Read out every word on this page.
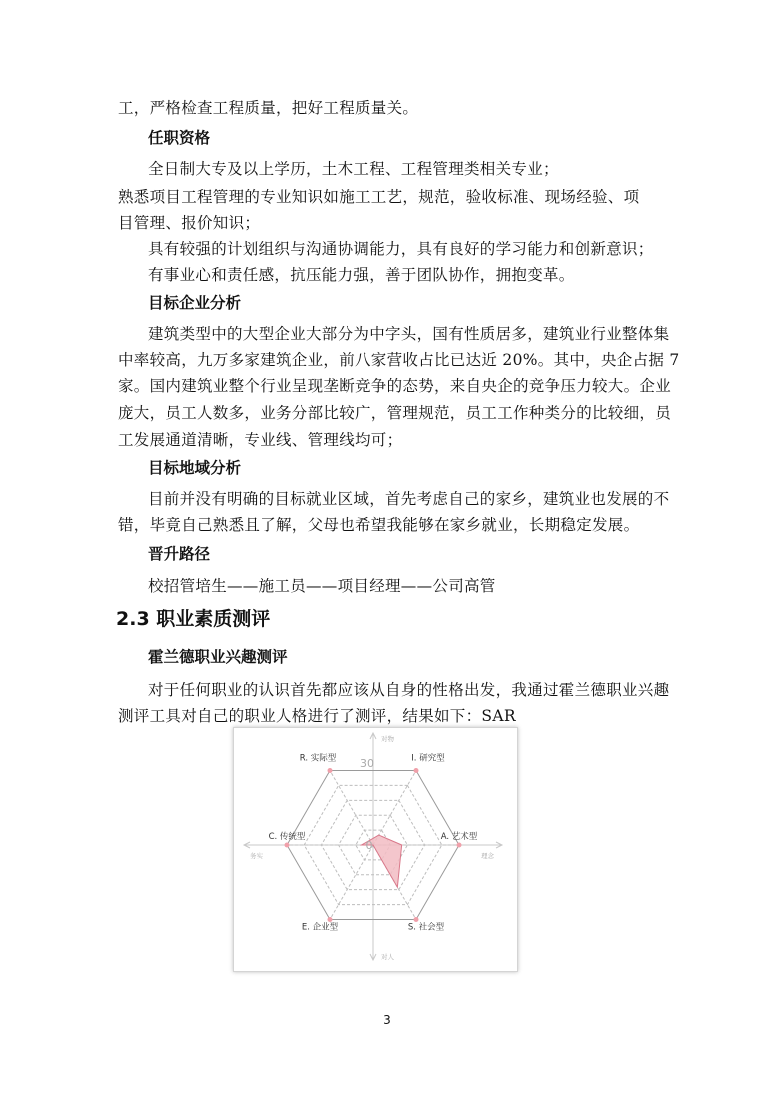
工，严格检查工程质量，把好工程质量关。
任职资格
全日制大专及以上学历，土木工程、工程管理类相关专业；
熟悉项目工程管理的专业知识如施工工艺，规范，验收标准、现场经验、项
目管理、报价知识；
具有较强的计划组织与沟通协调能力，具有良好的学习能力和创新意识；
有事业心和责任感，抗压能力强，善于团队协作，拥抱变革。
目标企业分析
建筑类型中的大型企业大部分为中字头，国有性质居多，建筑业行业整体集
中率较高，九万多家建筑企业，前八家营收占比已达近 20%。其中，央企占据 7
家。国内建筑业整个行业呈现垄断竞争的态势，来自央企的竞争压力较大。企业
庞大，员工人数多，业务分部比较广，管理规范，员工工作种类分的比较细，员
工发展通道清晰，专业线、管理线均可；
目标地域分析
目前并没有明确的目标就业区域，首先考虑自己的家乡，建筑业也发展的不
错，毕竟自己熟悉且了解，父母也希望我能够在家乡就业，长期稳定发展。
晋升路径
校招管培生——施工员——项目经理——公司高管
2.3 职业素质测评
霍兰德职业兴趣测评
对于任何职业的认识首先都应该从自身的性格出发，我通过霍兰德职业兴趣
测评工具对自己的职业人格进行了测评，结果如下：SAR
I. 研究型
A. 艺术型
S. 社会型
E. 企业型
C. 传统型
R. 实际型
0
30
对物
对人
务实	理念
3
